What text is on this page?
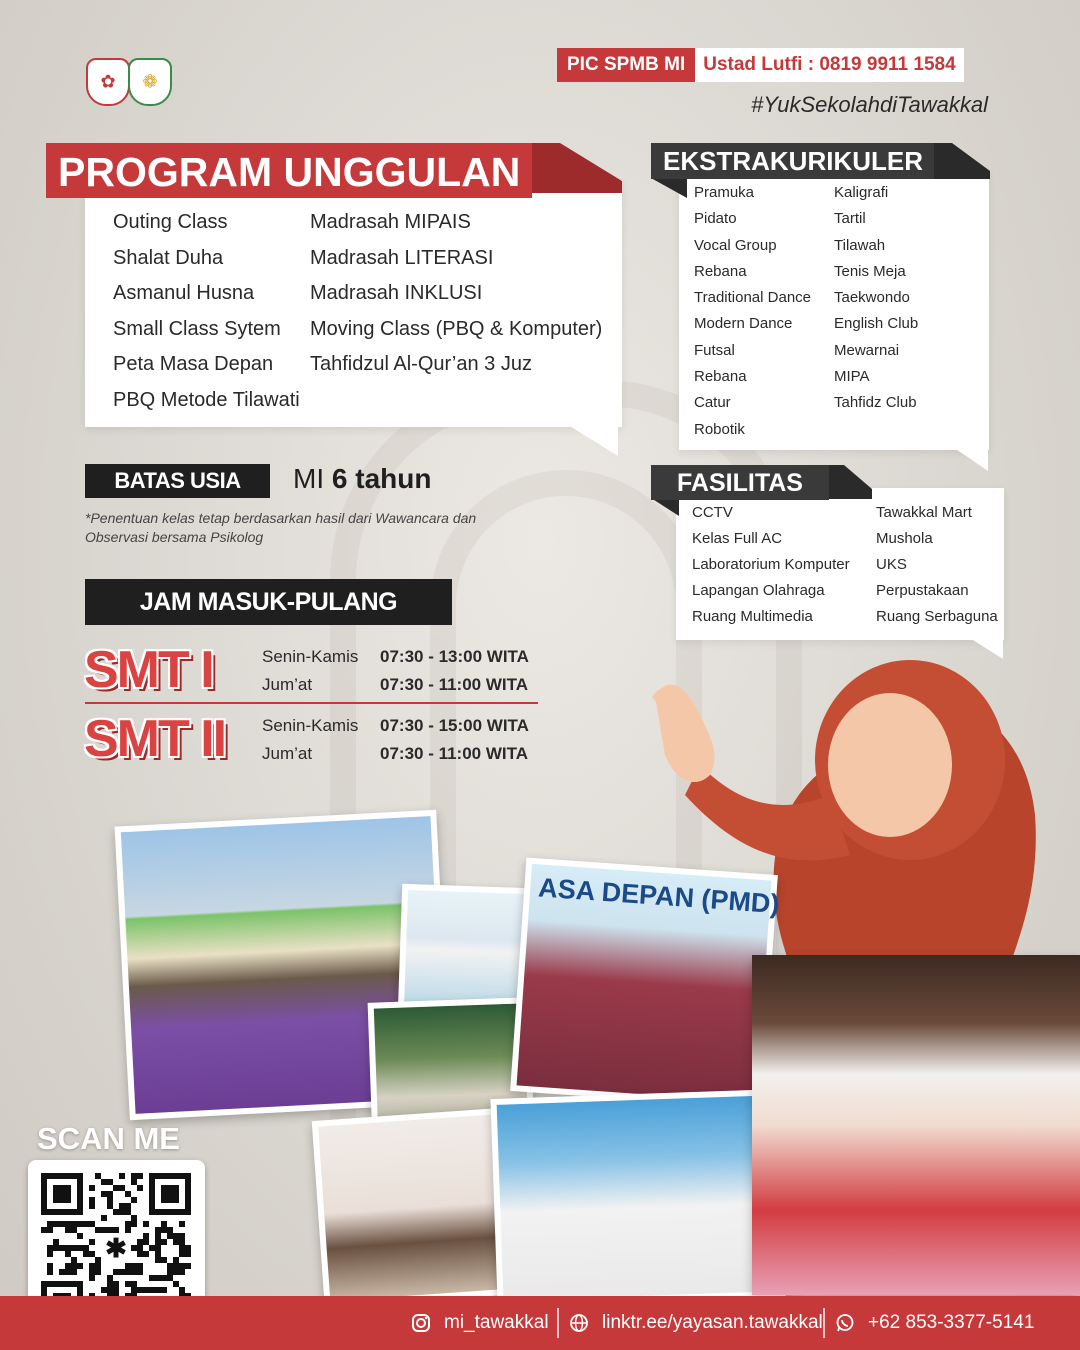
✿ ❁
PIC SPMB MI Ustad Lutfi : 0819 9911 1584
#YukSekolahdiTawakkal
PROGRAM UNGGULAN
Outing Class
Shalat Duha
Asmanul Husna
Small Class Sytem
Peta Masa Depan
PBQ Metode Tilawati
Madrasah MIPAIS
Madrasah LITERASI
Madrasah INKLUSI
Moving Class (PBQ & Komputer)
Tahfidzul Al-Qur’an 3 Juz
EKSTRAKURIKULER
Pramuka
Pidato
Vocal Group
Rebana
Traditional Dance
Modern Dance
Futsal
Rebana
Catur
Robotik
Kaligrafi
Tartil
Tilawah
Tenis Meja
Taekwondo
English Club
Mewarnai
MIPA
Tahfidz Club
FASILITAS
CCTV
Kelas Full AC
Laboratorium Komputer
Lapangan Olahraga
Ruang Multimedia
Tawakkal Mart
Mushola
UKS
Perpustakaan
Ruang Serbaguna
BATAS USIA	MI 6 tahun
*Penentuan kelas tetap berdasarkan hasil dari Wawancara dan Observasi bersama Psikolog
JAM MASUK-PULANG
SMT I	Senin-Kamis 07:30 - 13:00 WITA
Jum’at	07:30 - 11:00 WITA
SMT II Senin-Kamis 07:30 - 15:00 WITA
Jum’at	07:30 - 11:00 WITA
ASA DEPAN (PMD)
SCAN ME
✱
mi_tawakkal	linktr.ee/yayasan.tawakkal +62 853-3377-5141
